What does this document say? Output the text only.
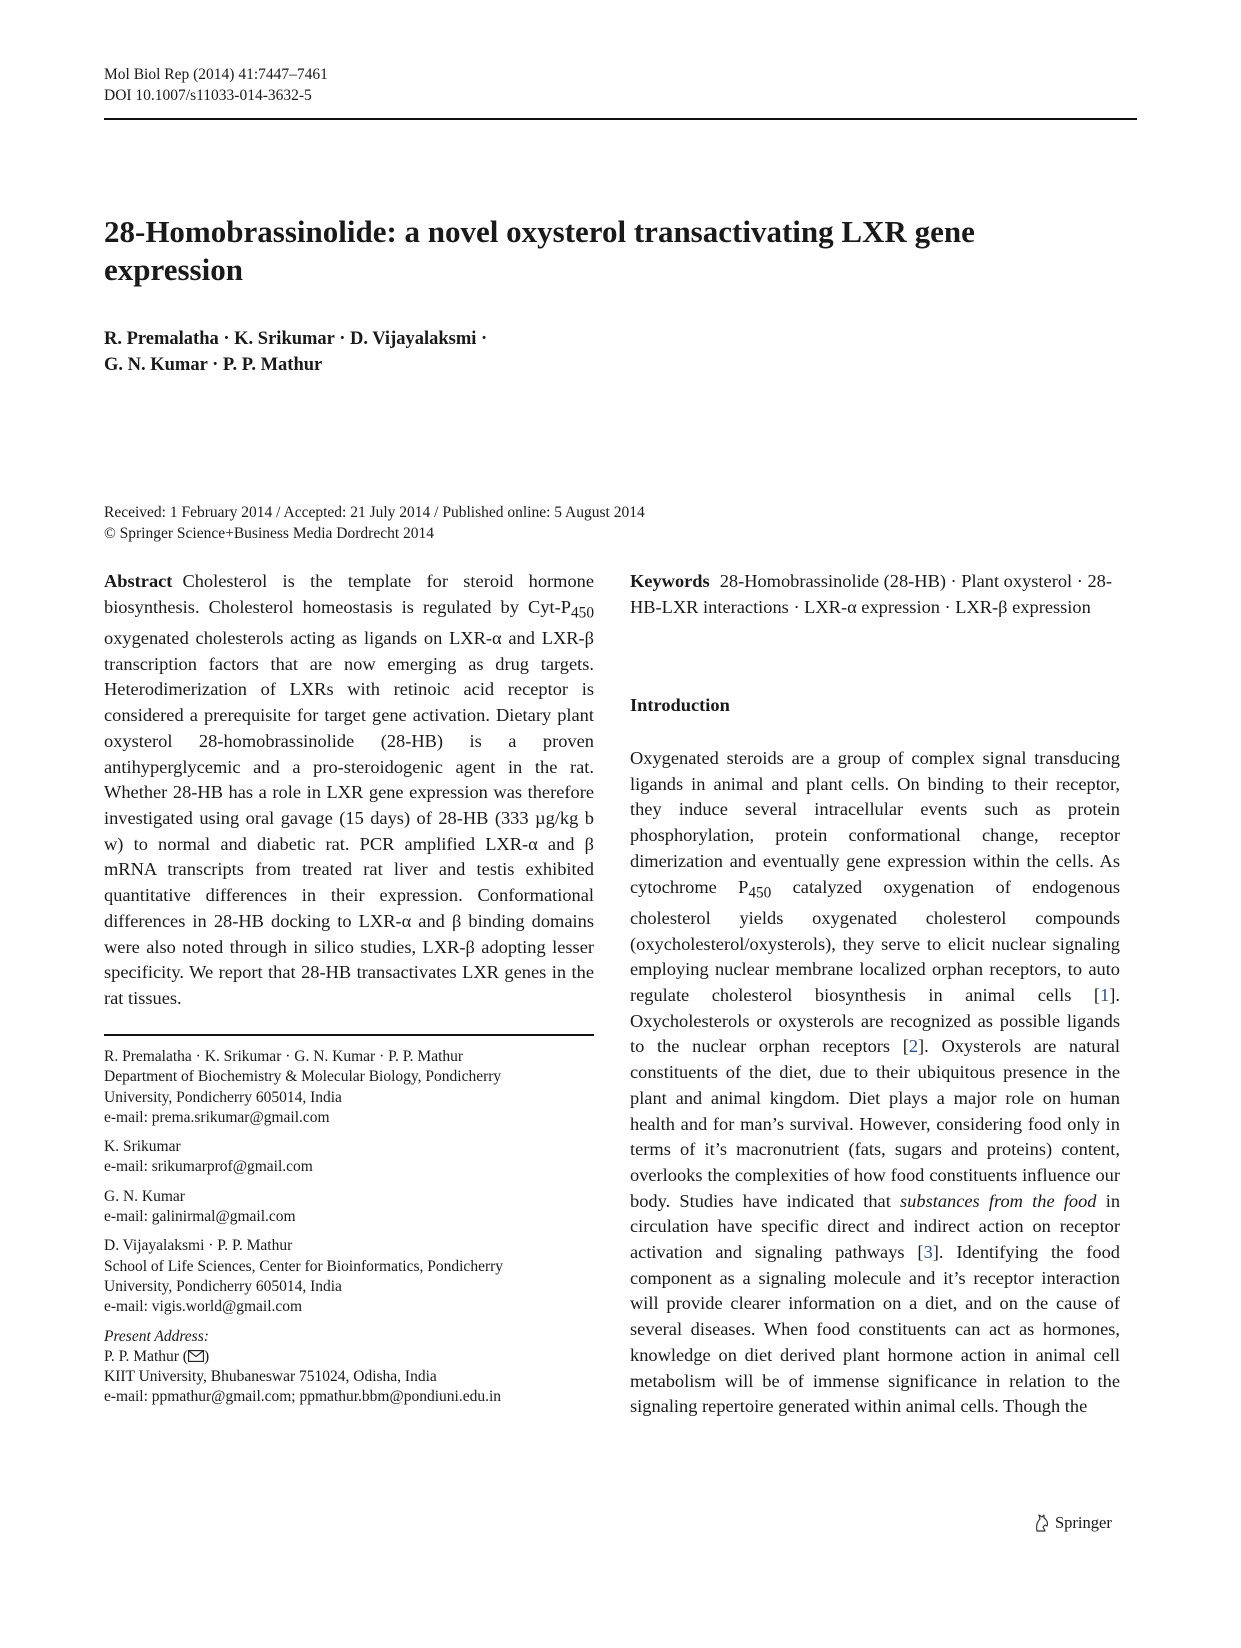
Mol Biol Rep (2014) 41:7447–7461
DOI 10.1007/s11033-014-3632-5
28-Homobrassinolide: a novel oxysterol transactivating LXR gene expression
R. Premalatha · K. Srikumar · D. Vijayalaksmi ·
G. N. Kumar · P. P. Mathur
Received: 1 February 2014 / Accepted: 21 July 2014 / Published online: 5 August 2014
© Springer Science+Business Media Dordrecht 2014

Abstract Cholesterol is the template for steroid hormone biosynthesis. Cholesterol homeostasis is regulated by Cyt-$P_{450}$ oxygenated cholesterols acting as ligands on LXR-α and LXR-β transcription factors that are now emerging as drug targets. Heterodimerization of LXRs with retinoic acid receptor is considered a prerequisite for target gene activation. Dietary plant oxysterol 28-homobrassinolide (28-HB) is a proven antihyperglycemic and a pro-steroidogenic agent in the rat. Whether 28-HB has a role in LXR gene expression was therefore investigated using oral gavage (15 days) of 28-HB (333 µg/kg b w) to normal and diabetic rat. PCR amplified LXR-α and β mRNA transcripts from treated rat liver and testis exhibited quantitative differences in their expression. Conformational differences in 28-HB docking to LXR-α and β binding domains were also noted through in silico studies, LXR-β adopting lesser specificity. We report that 28-HB transactivates LXR genes in the rat tissues.

R. Premalatha · K. Srikumar · G. N. Kumar · P. P. Mathur
Department of Biochemistry & Molecular Biology, Pondicherry
University, Pondicherry 605014, India
e-mail: prema.srikumar@gmail.com
K. Srikumar
e-mail: srikumarprof@gmail.com
G. N. Kumar
e-mail: galinirmal@gmail.com
D. Vijayalaksmi · P. P. Mathur
School of Life Sciences, Center for Bioinformatics, Pondicherry
University, Pondicherry 605014, India
e-mail: vigis.world@gmail.com
Present Address:
P. P. Mathur ( )
KIIT University, Bhubaneswar 751024, Odisha, India
e-mail: ppmathur@gmail.com; ppmathur.bbm@pondiuni.edu.in
Keywords 28-Homobrassinolide (28-HB) · Plant oxysterol · 28-HB-LXR interactions · LXR-α expression · LXR-β expression
Introduction

Oxygenated steroids are a group of complex signal transducing ligands in animal and plant cells. On binding to their receptor, they induce several intracellular events such as protein phosphorylation, protein conformational change, receptor dimerization and eventually gene expression within the cells. As cytochrome $P_{450}$ catalyzed oxygenation of endogenous cholesterol yields oxygenated cholesterol compounds (oxycholesterol/oxysterols), they serve to elicit nuclear signaling employing nuclear membrane localized orphan receptors, to auto regulate cholesterol biosynthesis in animal cells [1]. Oxycholesterols or oxysterols are recognized as possible ligands to the nuclear orphan receptors [2]. Oxysterols are natural constituents of the diet, due to their ubiquitous presence in the plant and animal kingdom. Diet plays a major role on human health and for man’s survival. However, considering food only in terms of it’s macronutrient (fats, sugars and proteins) content, overlooks the complexities of how food constituents influence our body. Studies have indicated that substances from the food in circulation have specific direct and indirect action on receptor activation and signaling pathways [3]. Identifying the food component as a signaling molecule and it’s receptor interaction will provide clearer information on a diet, and on the cause of several diseases. When food constituents can act as hormones, knowledge on diet derived plant hormone action in animal cell metabolism will be of immense significance in relation to the signaling repertoire generated within animal cells. Though the

Springer
